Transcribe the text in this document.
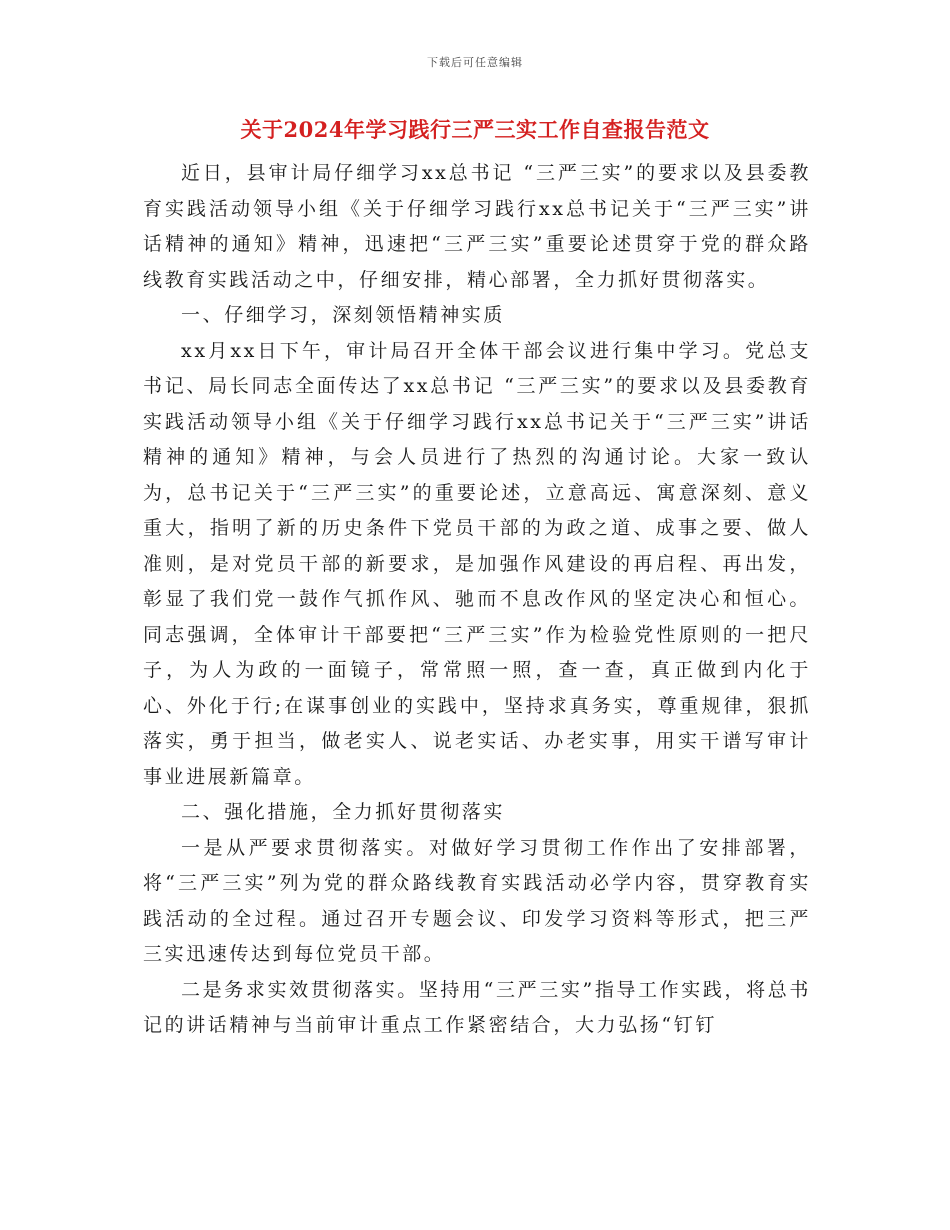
下载后可任意编辑
关于2024年学习践行三严三实工作自查报告范文

近日，县审计局仔细学习xx总书记 “三严三实”的要求以及县委教育实践活动领导小组《关于仔细学习践行xx总书记关于“三严三实”讲话精神的通知》精神，迅速把“三严三实”重要论述贯穿于党的群众路线教育实践活动之中，仔细安排，精心部署，全力抓好贯彻落实。

一、仔细学习，深刻领悟精神实质

xx月xx日下午，审计局召开全体干部会议进行集中学习。党总支书记、局长同志全面传达了xx总书记 “三严三实”的要求以及县委教育实践活动领导小组《关于仔细学习践行xx总书记关于“三严三实”讲话精神的通知》精神，与会人员进行了热烈的沟通讨论。大家一致认为，总书记关于“三严三实”的重要论述，立意高远、寓意深刻、意义重大，指明了新的历史条件下党员干部的为政之道、成事之要、做人准则，是对党员干部的新要求，是加强作风建设的再启程、再出发，彰显了我们党一鼓作气抓作风、驰而不息改作风的坚定决心和恒心。同志强调，全体审计干部要把“三严三实”作为检验党性原则的一把尺子，为人为政的一面镜子，常常照一照，查一查，真正做到内化于心、外化于行;在谋事创业的实践中，坚持求真务实，尊重规律，狠抓落实，勇于担当，做老实人、说老实话、办老实事，用实干谱写审计事业进展新篇章。

二、强化措施，全力抓好贯彻落实

一是从严要求贯彻落实。对做好学习贯彻工作作出了安排部署，将“三严三实”列为党的群众路线教育实践活动必学内容，贯穿教育实践活动的全过程。通过召开专题会议、印发学习资料等形式，把三严三实迅速传达到每位党员干部。

二是务求实效贯彻落实。坚持用“三严三实”指导工作实践，将总书记的讲话精神与当前审计重点工作紧密结合，大力弘扬“钉钉
